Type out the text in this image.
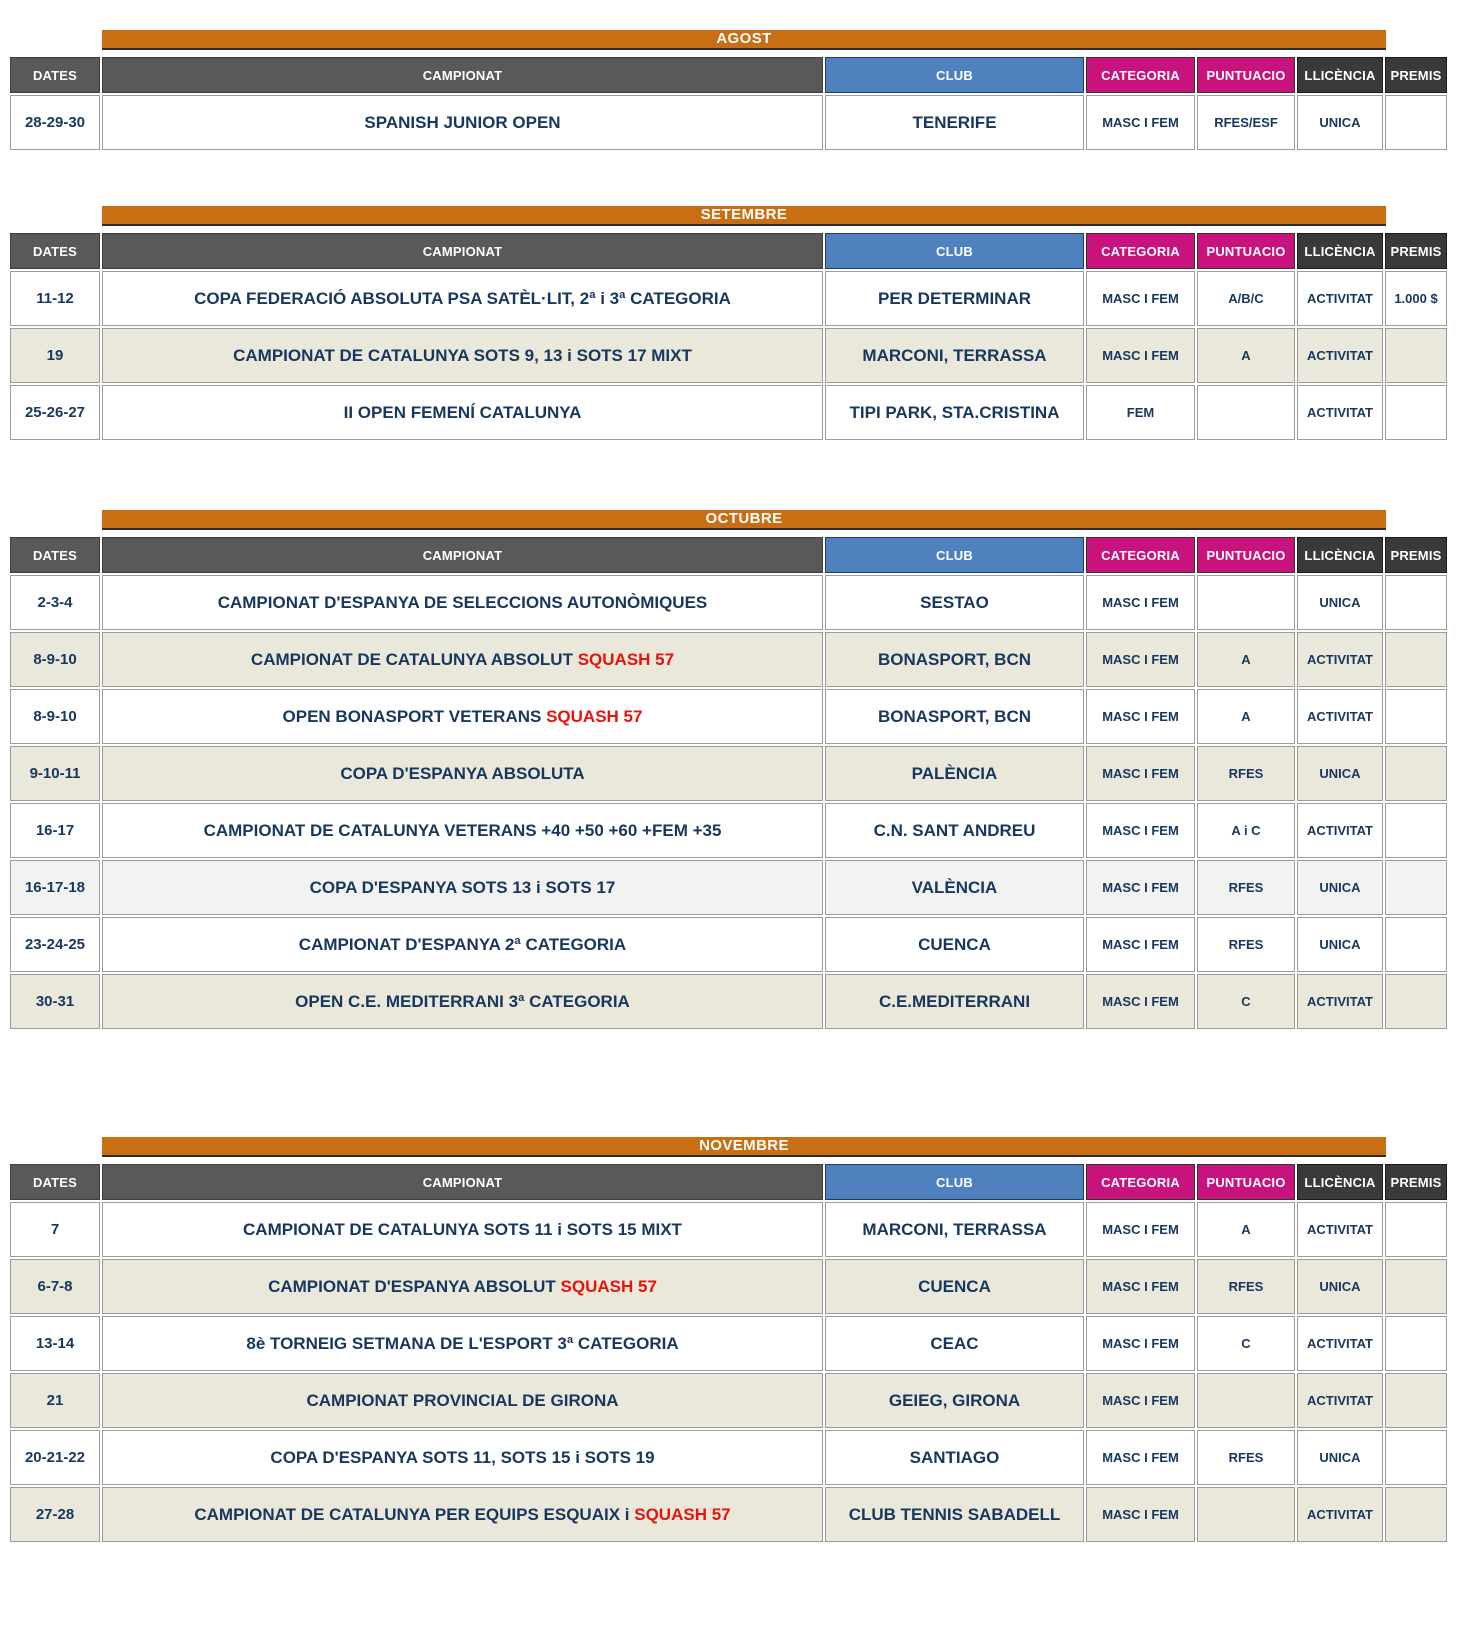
AGOST
DATES	CAMPIONAT	CLUB	CATEGORIA	PUNTUACIO	LLICÈNCIA	PREMIS
28-29-30	SPANISH JUNIOR OPEN	TENERIFE	MASC I FEM	RFES/ESF	UNICA	
SETEMBRE
DATES	CAMPIONAT	CLUB	CATEGORIA	PUNTUACIO	LLICÈNCIA	PREMIS
11-12	COPA FEDERACIÓ ABSOLUTA PSA SATÈL·LIT, 2ª i 3ª CATEGORIA	PER DETERMINAR	MASC I FEM	A/B/C	ACTIVITAT	1.000 $
19	CAMPIONAT DE CATALUNYA SOTS 9, 13 i SOTS 17 MIXT	MARCONI, TERRASSA	MASC I FEM	A	ACTIVITAT	
25-26-27	II OPEN FEMENÍ CATALUNYA	TIPI PARK, STA.CRISTINA	FEM		ACTIVITAT	
OCTUBRE
DATES	CAMPIONAT	CLUB	CATEGORIA	PUNTUACIO	LLICÈNCIA	PREMIS
2-3-4	CAMPIONAT D'ESPANYA DE SELECCIONS AUTONÒMIQUES	SESTAO	MASC I FEM		UNICA	
8-9-10	CAMPIONAT DE CATALUNYA ABSOLUT SQUASH 57	BONASPORT, BCN	MASC I FEM	A	ACTIVITAT	
8-9-10	OPEN BONASPORT VETERANS SQUASH 57	BONASPORT, BCN	MASC I FEM	A	ACTIVITAT	
9-10-11	COPA D'ESPANYA ABSOLUTA	PALÈNCIA	MASC I FEM	RFES	UNICA	
16-17	CAMPIONAT DE CATALUNYA VETERANS +40 +50 +60 +FEM +35	C.N. SANT ANDREU	MASC I FEM	A i C	ACTIVITAT	
16-17-18	COPA D'ESPANYA SOTS 13 i SOTS 17	VALÈNCIA	MASC I FEM	RFES	UNICA	
23-24-25	CAMPIONAT D'ESPANYA 2ª CATEGORIA	CUENCA	MASC I FEM	RFES	UNICA	
30-31	OPEN C.E. MEDITERRANI 3ª CATEGORIA	C.E.MEDITERRANI	MASC I FEM	C	ACTIVITAT	
NOVEMBRE
DATES	CAMPIONAT	CLUB	CATEGORIA	PUNTUACIO	LLICÈNCIA	PREMIS
7	CAMPIONAT DE CATALUNYA SOTS 11 i SOTS 15 MIXT	MARCONI, TERRASSA	MASC I FEM	A	ACTIVITAT	
6-7-8	CAMPIONAT D'ESPANYA ABSOLUT SQUASH 57	CUENCA	MASC I FEM	RFES	UNICA	
13-14	8è TORNEIG SETMANA DE L'ESPORT 3ª CATEGORIA	CEAC	MASC I FEM	C	ACTIVITAT	
21	CAMPIONAT PROVINCIAL DE GIRONA	GEIEG, GIRONA	MASC I FEM		ACTIVITAT	
20-21-22	COPA D'ESPANYA SOTS 11, SOTS 15 i SOTS 19	SANTIAGO	MASC I FEM	RFES	UNICA	
27-28	CAMPIONAT DE CATALUNYA PER EQUIPS ESQUAIX i SQUASH 57	CLUB TENNIS SABADELL	MASC I FEM		ACTIVITAT	
